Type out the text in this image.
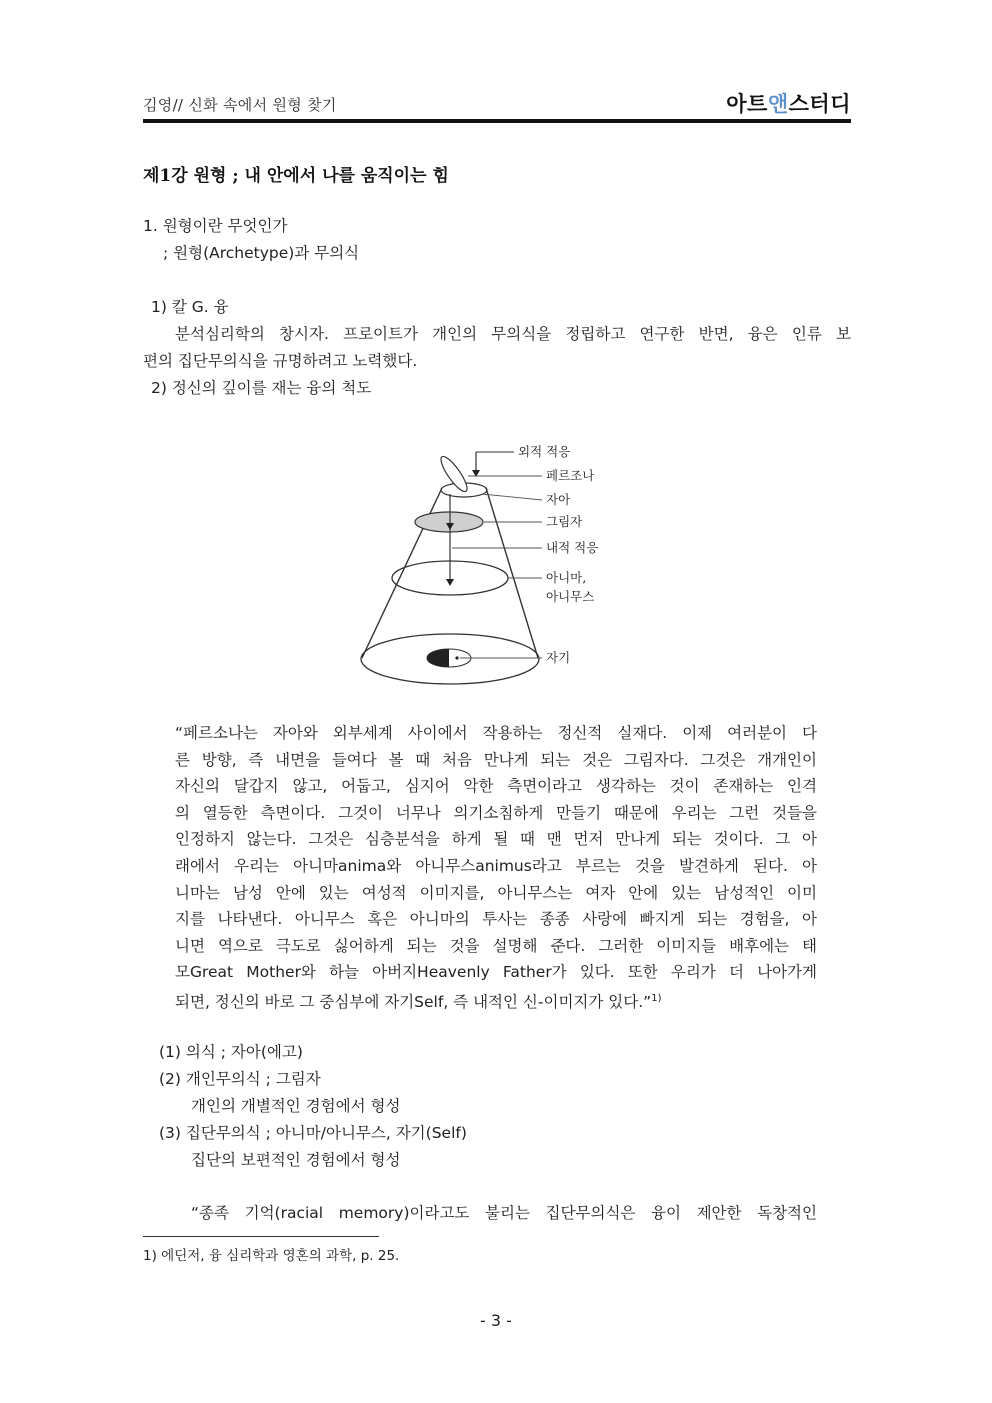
김영// 신화 속에서 원형 찾기	아트앤스터디
제1강 원형 ; 내 안에서 나를 움직이는 힘
1. 원형이란 무엇인가
; 원형(Archetype)과 무의식
1) 칼 G. 융
분석심리학의 창시자. 프로이트가 개인의 무의식을 정립하고 연구한 반면, 융은 인류 보
편의 집단무의식을 규명하려고 노력했다.
2) 정신의 깊이를 재는 융의 척도
외적 적응
페르조나
자아
그림자
내적 적응
아니마,
아니무스
자기
“페르소나는 자아와 외부세계 사이에서 작용하는 정신적 실재다. 이제 여러분이 다
른 방향, 즉 내면을 들여다 볼 때 처음 만나게 되는 것은 그림자다. 그것은 개개인이
자신의 달갑지 않고, 어둡고, 심지어 악한 측면이라고 생각하는 것이 존재하는 인격
의 열등한 측면이다. 그것이 너무나 의기소침하게 만들기 때문에 우리는 그런 것들을
인정하지 않는다. 그것은 심층분석을 하게 될 때 맨 먼저 만나게 되는 것이다. 그 아
래에서 우리는 아니마anima와 아니무스animus라고 부르는 것을 발견하게 된다. 아
니마는 남성 안에 있는 여성적 이미지를, 아니무스는 여자 안에 있는 남성적인 이미
지를 나타낸다. 아니무스 혹은 아니마의 투사는 종종 사랑에 빠지게 되는 경험을, 아
니면 역으로 극도로 싫어하게 되는 것을 설명해 준다. 그러한 이미지들 배후에는 태
모Great Mother와 하늘 아버지Heavenly Father가 있다. 또한 우리가 더 나아가게
되면, 정신의 바로 그 중심부에 자기Self, 즉 내적인 신-이미지가 있다.”$^{1)}$
(1) 의식 ; 자아(에고)
(2) 개인무의식 ; 그림자
개인의 개별적인 경험에서 형성
(3) 집단무의식 ; 아니마/아니무스, 자기(Self)
집단의 보편적인 경험에서 형성
“종족 기억(racial memory)이라고도 불리는 집단무의식은 융이 제안한 독창적인
1) 에딘저, 융 심리학과 영혼의 과학, p. 25.
- 3 -
